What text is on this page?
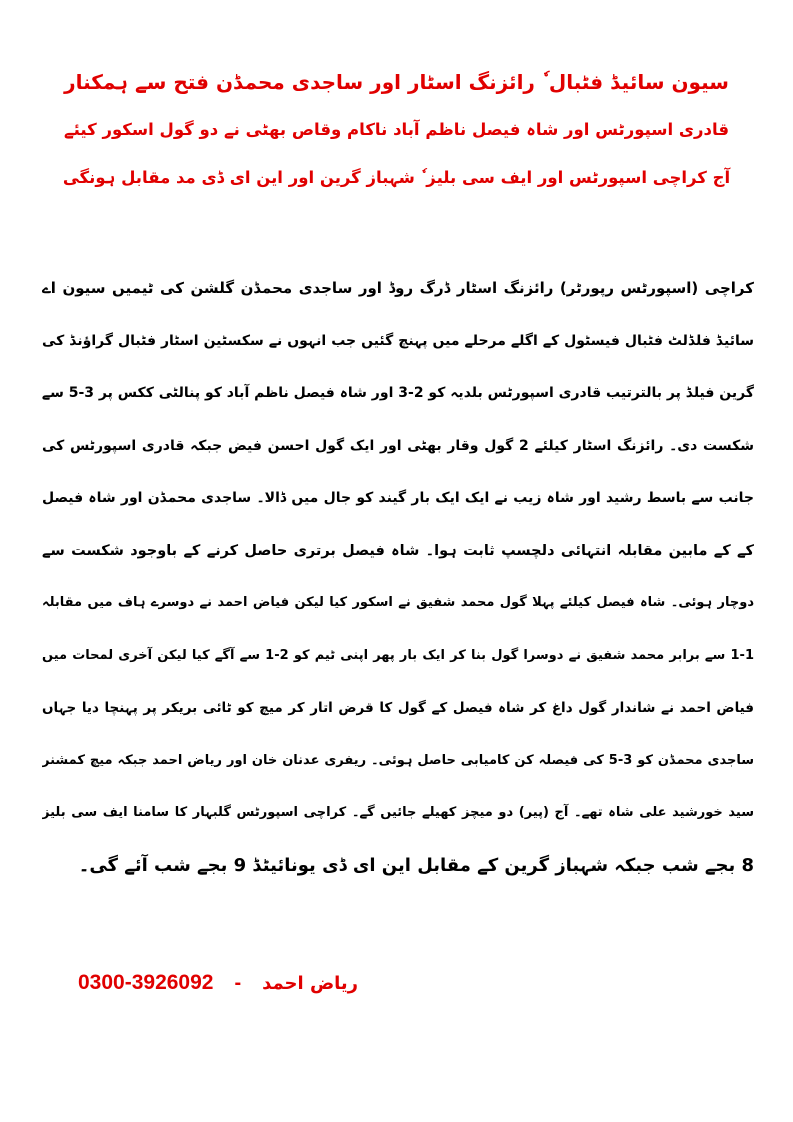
سیون سائیڈ فٹبال ٗ رائزنگ اسٹار اور ساجدی محمڈن فتح سے ہمکنار
قادری اسپورٹس اور شاہ فیصل ناظم آباد ناکام وقاص بھٹی نے دو گول اسکور کیئے
آج کراچی اسپورٹس اور ایف سی بلیز ٗ شہباز گرین اور این ای ڈی مد مقابل ہونگی
کراچی (اسپورٹس رپورٹر) رائزنگ اسٹار ڈرگ روڈ اور ساجدی محمڈن گلشن کی ٹیمیں سیون اے
سائیڈ فلڈلٹ فٹبال فیسٹول کے اگلے مرحلے میں پہنچ گئیں جب انہوں نے سکسٹین اسٹار فٹبال گراؤنڈ کی
گرین فیلڈ پر بالترتیب قادری اسپورٹس بلدیہ کو 2-3 اور شاہ فیصل ناظم آباد کو پنالٹی ککس پر 3-5 سے
شکست دی۔ رائزنگ اسٹار کیلئے 2 گول وقار بھٹی اور ایک گول احسن فیض جبکہ قادری اسپورٹس کی
جانب سے باسط رشید اور شاہ زیب نے ایک ایک بار گیند کو جال میں ڈالا۔ ساجدی محمڈن اور شاہ فیصل
کے کے مابین مقابلہ انتہائی دلچسپ ثابت ہوا۔ شاہ فیصل برتری حاصل کرنے کے باوجود شکست سے
دوچار ہوئی۔ شاہ فیصل کیلئے پہلا گول محمد شفیق نے اسکور کیا لیکن فیاض احمد نے دوسرے ہاف میں مقابلہ
1-1 سے برابر محمد شفیق نے دوسرا گول بنا کر ایک بار پھر اپنی ٹیم کو 2-1 سے آگے کیا لیکن آخری لمحات میں
فیاض احمد نے شاندار گول داغ کر شاہ فیصل کے گول کا قرض اتار کر میچ کو ٹائی بریکر پر پہنچا دیا جہاں
ساجدی محمڈن کو 3-5 کی فیصلہ کن کامیابی حاصل ہوئی۔ ریفری عدنان خان اور ریاض احمد جبکہ میچ کمشنر
سید خورشید علی شاہ تھے۔ آج (پیر) دو میچز کھیلے جائیں گے۔ کراچی اسپورٹس گلبہار کا سامنا ایف سی بلیز
8 بجے شب جبکہ شہباز گرین کے مقابل این ای ڈی یونائیٹڈ 9 بجے شب آئے گی۔
0300-3926092 - ریاض احمد
